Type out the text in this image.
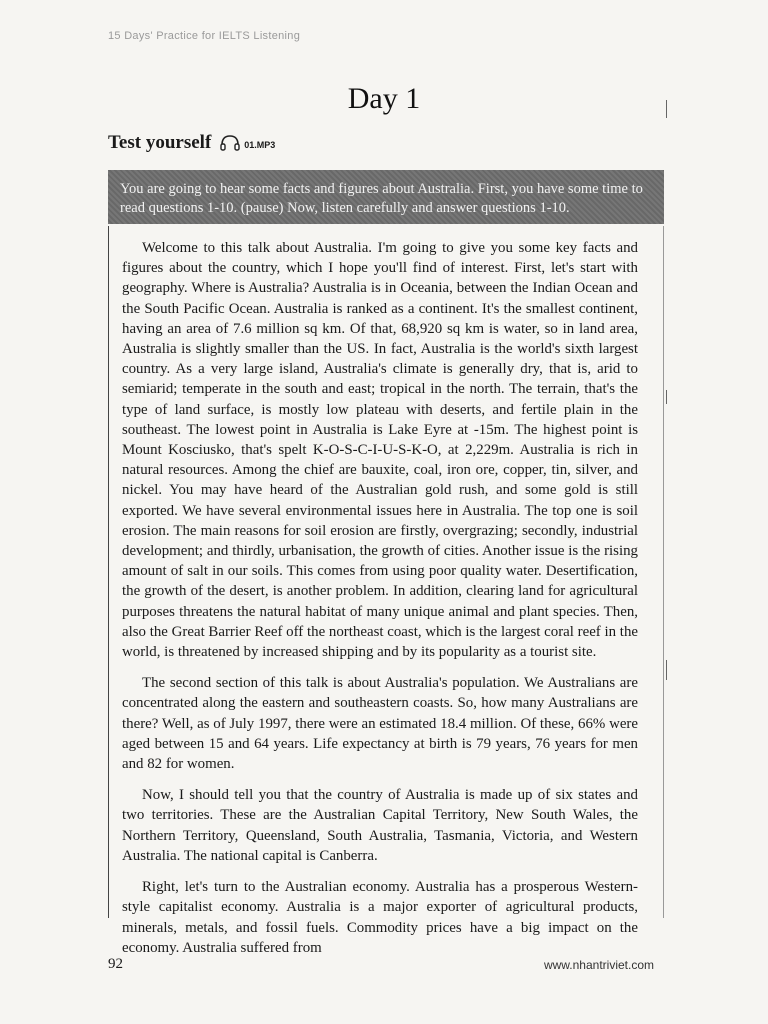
15 Days' Practice for IELTS Listening
Day 1
Test yourself	01.MP3

You are going to hear some facts and figures about Australia. First, you have some time to read questions 1-10. (pause) Now, listen carefully and answer questions 1-10.

Welcome to this talk about Australia. I'm going to give you some key facts and figures about the country, which I hope you'll find of interest. First, let's start with geography. Where is Australia? Australia is in Oceania, between the Indian Ocean and the South Pacific Ocean. Australia is ranked as a continent. It's the smallest continent, having an area of 7.6 million sq km. Of that, 68,920 sq km is water, so in land area, Australia is slightly smaller than the US. In fact, Australia is the world's sixth largest country. As a very large island, Australia's climate is generally dry, that is, arid to semiarid; temperate in the south and east; tropical in the north. The terrain, that's the type of land surface, is mostly low plateau with deserts, and fertile plain in the southeast. The lowest point in Australia is Lake Eyre at -15m. The highest point is Mount Kosciusko, that's spelt K-O-S-C-I-U-S-K-O, at 2,229m. Australia is rich in natural resources. Among the chief are bauxite, coal, iron ore, copper, tin, silver, and nickel. You may have heard of the Australian gold rush, and some gold is still exported. We have several environmental issues here in Australia. The top one is soil erosion. The main reasons for soil erosion are firstly, overgrazing; secondly, industrial development; and thirdly, urbanisation, the growth of cities. Another issue is the rising amount of salt in our soils. This comes from using poor quality water. Desertification, the growth of the desert, is another problem. In addition, clearing land for agricultural purposes threatens the natural habitat of many unique animal and plant species. Then, also the Great Barrier Reef off the northeast coast, which is the largest coral reef in the world, is threatened by increased shipping and by its popularity as a tourist site.

The second section of this talk is about Australia's population. We Australians are concentrated along the eastern and southeastern coasts. So, how many Australians are there? Well, as of July 1997, there were an estimated 18.4 million. Of these, 66% were aged between 15 and 64 years. Life expectancy at birth is 79 years, 76 years for men and 82 for women.

Now, I should tell you that the country of Australia is made up of six states and two territories. These are the Australian Capital Territory, New South Wales, the Northern Territory, Queensland, South Australia, Tasmania, Victoria, and Western Australia. The national capital is Canberra.

Right, let's turn to the Australian economy. Australia has a prosperous Western-style capitalist economy. Australia is a major exporter of agricultural products, minerals, metals, and fossil fuels. Commodity prices have a big impact on the economy. Australia suffered from

92	www.nhantriviet.com
